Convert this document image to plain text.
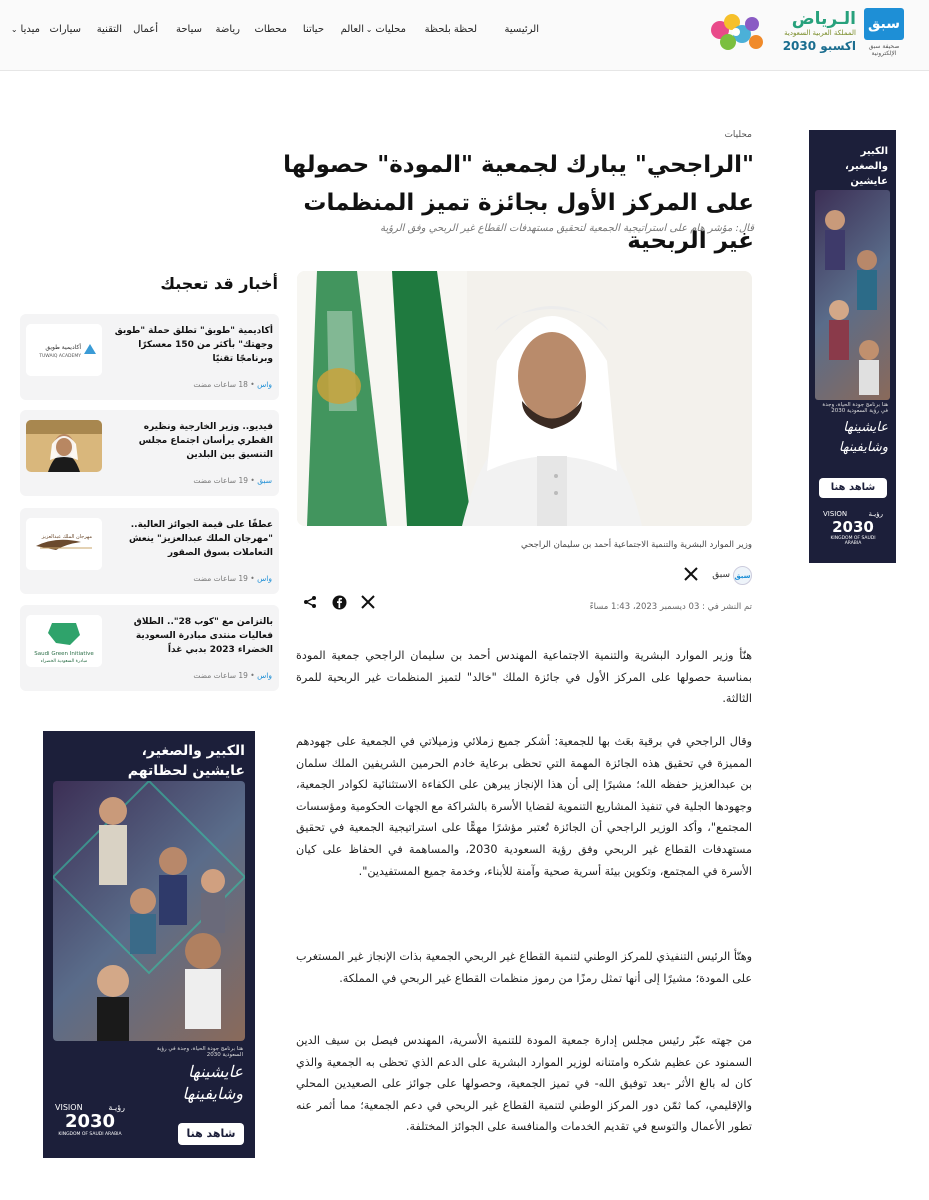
سبق
صحيفة سبق الإلكترونية
الـرياض
المملكة العربية السعودية
اكسبو 2030
الرئيسية
لحظة بلحظة
محليات⌄
العالم
حياتنا
محطات
رياضة
سياحة
أعمال
التقنية
سيارات
ميديا⌄
محليات
"الراجحي" يبارك لجمعية "المودة" حصولها على المركز الأول بجائزة تميز المنظمات غير الربحية
قال: مؤشر هام على استراتيجية الجمعية لتحقيق مستهدفات القطاع غير الربحي وفق الرؤية
وزير الموارد البشرية والتنمية الاجتماعية أحمد بن سليمان الراجحي
سبق
سبق
تم النشر في : 03 ديسمبر 2023، 1:43 مساءً

هنّأ وزير الموارد البشرية والتنمية الاجتماعية المهندس أحمد بن سليمان الراجحي جمعية المودة بمناسبة حصولها على المركز الأول في جائزة الملك "خالد" لتميز المنظمات غير الربحية للمرة الثالثة.

وقال الراجحي في برقية بعَث بها للجمعية: أشكر جميع زملائي وزميلاتي في الجمعية على جهودهم المميزة في تحقيق هذه الجائزة المهمة التي تحظى برعاية خادم الحرمين الشريفين الملك سلمان بن عبدالعزيز حفظه الله؛ مشيرًا إلى أن هذا الإنجاز يبرهن على الكفاءة الاستثنائية لكوادر الجمعية، وجهودها الجلية في تنفيذ المشاريع التنموية لقضايا الأسرة بالشراكة مع الجهات الحكومية ومؤسسات المجتمع"، وأكد الوزير الراجحي أن الجائزة تُعتبر مؤشرًا مهمًّا على استراتيجية الجمعية في تحقيق مستهدفات القطاع غير الربحي وفق رؤية السعودية 2030، والمساهمة في الحفاظ على كيان الأسرة في المجتمع، وتكوين بيئة أسرية صحية وآمنة للأبناء، وخدمة جميع المستفيدين".

وهنّأ الرئيس التنفيذي للمركز الوطني لتنمية القطاع غير الربحي الجمعية بذات الإنجاز غير المستغرب على المودة؛ مشيرًا إلى أنها تمثل رمزًا من رموز منظمات القطاع غير الربحي في المملكة.

من جهته عبّر رئيس مجلس إدارة جمعية المودة للتنمية الأسرية، المهندس فيصل بن سيف الدين السمنود عن عظيم شكره وامتنانه لوزير الموارد البشرية على الدعم الذي تحظى به الجمعية والذي كان له بالغ الأثر -بعد توفيق الله- في تميز الجمعية، وحصولها على جوائز على الصعيدين المحلي والإقليمي، كما ثمّن دور المركز الوطني لتنمية القطاع غير الربحي في دعم الجمعية؛ مما أثمر عنه تطور الأعمال والتوسع في تقديم الخدمات والمنافسة على الجوائز المختلفة.

أخبار قد تعجبك
أكاديمية طويق
TUWAIQ ACADEMY
أكاديمية "طويق" تطلق حملة "طويق وجهتك" بأكثر من 150 معسكرًا وبرنامجًا تقنيًا
واس • 18 ساعات مضت
فيديو.. وزير الخارجية ونظيره القطري يرأسان اجتماع مجلس التنسيق بين البلدين
سبق • 19 ساعات مضت
مهرجان الملك عبدالعزيز
عطفًا على قيمة الجوائز العالية.. "مهرجان الملك عبدالعزيز" ينعش التعاملات بسوق الصقور
واس • 19 ساعات مضت
Saudi Green Initiative
مبادرة السعودية الخضراء
بالتزامن مع "كوب 28".. الطلاق فعاليات منتدى مبادرة السعودية الخضراء 2023 بدبي غداً
واس • 19 ساعات مضت
الكبير والصغير، عايشين
هنا برنامج جودة الحياة، وجدة في رؤية السعودية 2030
عايشينها وشايفينها
شاهد هنا
VISION	رؤيـة
2030
KINGDOM OF SAUDI ARABIA
الكبير والصغير، عايشين لحظاتهم
هنا برنامج جودة الحياة، وجدة في رؤية السعودية 2030
عايشينها وشايفينها
VISION	رؤيـة
2030
KINGDOM OF SAUDI ARABIA	شاهد هنا
